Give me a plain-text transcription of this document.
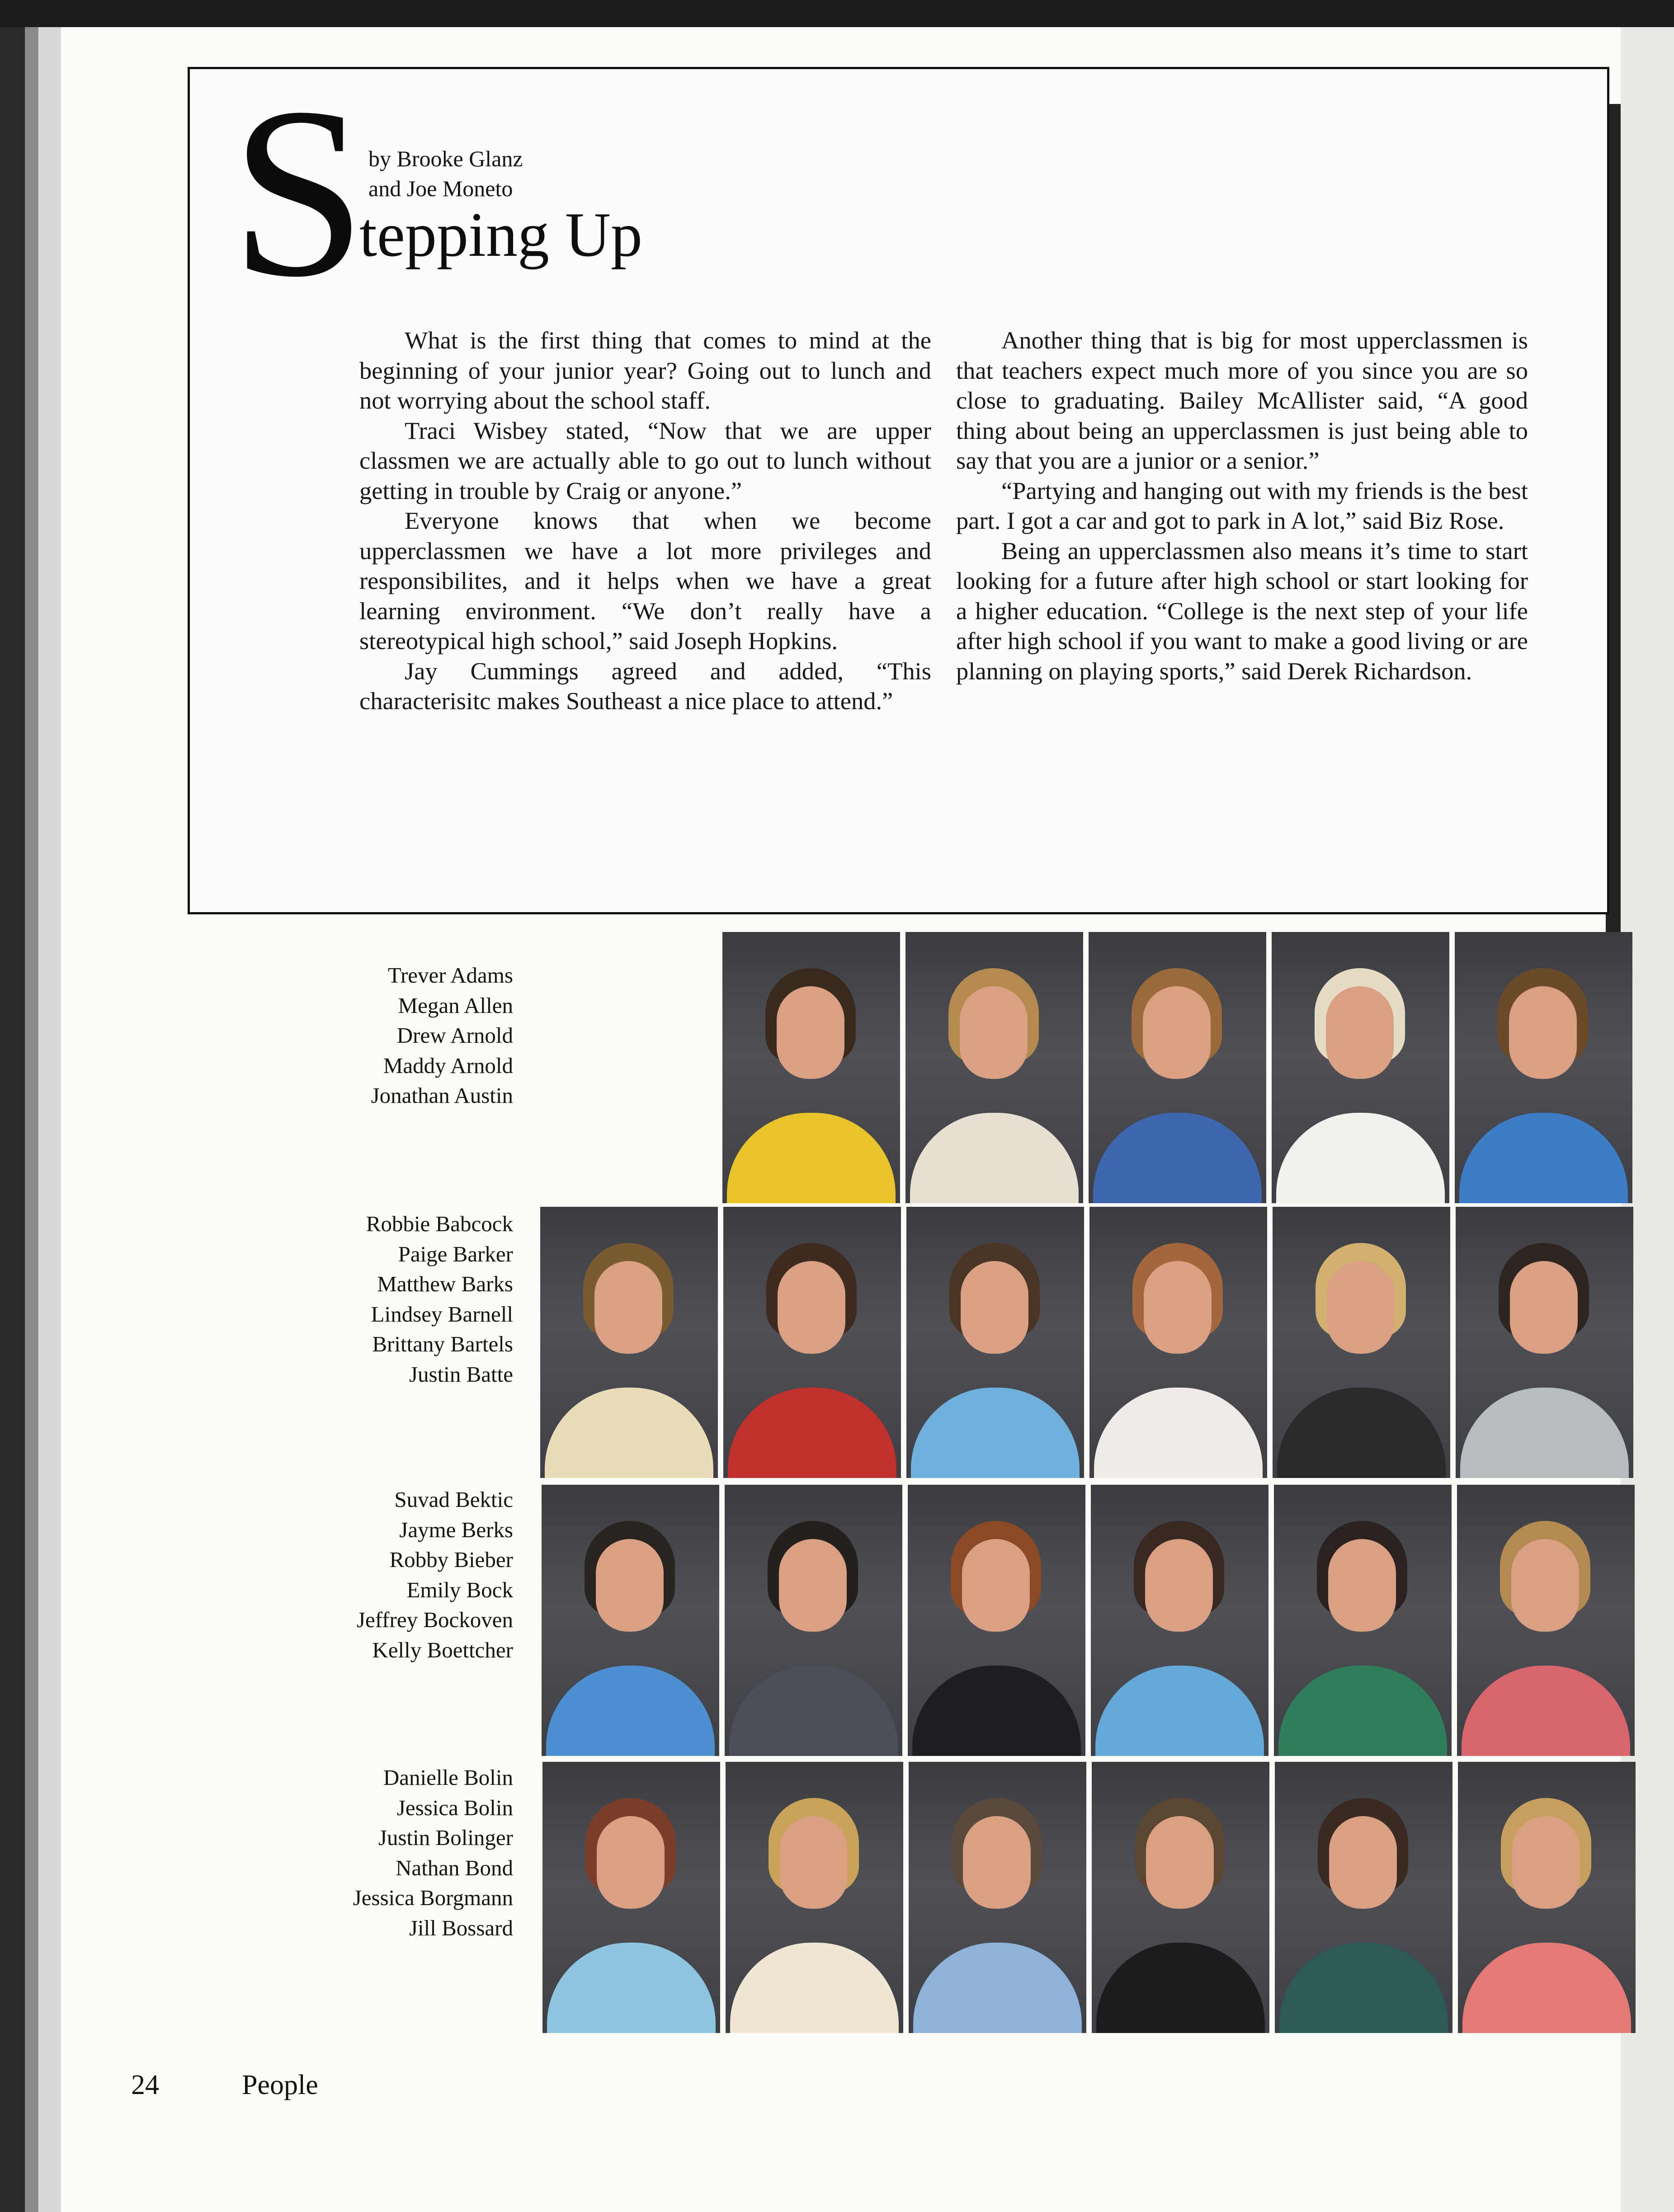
S by Brooke Glanz
and Joe Moneto
tepping Up

What is the first thing that comes to mind at the beginning of your junior year? Going out to lunch and not worrying about the school staff.

Traci Wisbey stated, “Now that we are upper classmen we are actually able to go out to lunch without getting in trouble by Craig or anyone.”

Everyone knows that when we become upperclassmen we have a lot more privileges and responsibilites, and it helps when we have a great learning environment. “We don’t really have a stereotypical high school,” said Joseph Hopkins.

Jay Cummings agreed and added, “This characterisitc makes Southeast a nice place to attend.”

Another thing that is big for most upperclassmen is that teachers expect much more of you since you are so close to graduating. Bailey McAllister said, “A good thing about being an upperclassmen is just being able to say that you are a junior or a senior.”

“Partying and hanging out with my friends is the best part. I got a car and got to park in A lot,” said Biz Rose.

Being an upperclassmen also means it’s time to start looking for a future after high school or start looking for a higher education. “College is the next step of your life after high school if you want to make a good living or are planning on playing sports,” said Derek Richardson.

Trever Adams
Megan Allen
Drew Arnold
Maddy Arnold
Jonathan Austin
Robbie Babcock
Paige Barker
Matthew Barks
Lindsey Barnell
Brittany Bartels
Justin Batte
Suvad Bektic
Jayme Berks
Robby Bieber
Emily Bock
Jeffrey Bockoven
Kelly Boettcher
Danielle Bolin
Jessica Bolin
Justin Bolinger
Nathan Bond
Jessica Borgmann
Jill Bossard
24	People
